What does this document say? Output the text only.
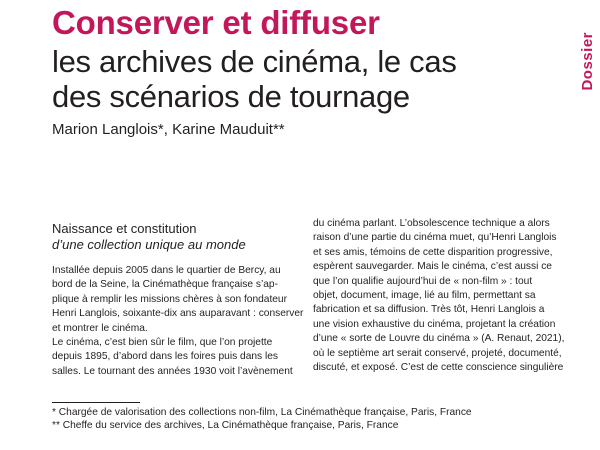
Conserver et diffuser
les archives de cinéma, le cas
des scénarios de tournage
Marion Langlois*, Karine Mauduit**
Dossier
Naissance et constitution
d’une collection unique au monde

Installée depuis 2005 dans le quartier de Bercy, au

bord de la Seine, la Cinémathèque française s’ap-

plique à remplir les missions chères à son fondateur

Henri Langlois, soixante-dix ans auparavant : conserver

et montrer le cinéma.

Le cinéma, c’est bien sûr le film, que l’on projette

depuis 1895, d’abord dans les foires puis dans les

salles. Le tournant des années 1930 voit l’avènement

du cinéma parlant. L’obsolescence technique a alors

raison d’une partie du cinéma muet, qu’Henri Langlois

et ses amis, témoins de cette disparition progressive,

espèrent sauvegarder. Mais le cinéma, c’est aussi ce

que l’on qualifie aujourd’hui de « non-film » : tout

objet, document, image, lié au film, permettant sa

fabrication et sa diffusion. Très tôt, Henri Langlois a

une vision exhaustive du cinéma, projetant la création

d’une « sorte de Louvre du cinéma » (A. Renaut, 2021),

où le septième art serait conservé, projeté, documenté,

discuté, et exposé. C’est de cette conscience singulière

* Chargée de valorisation des collections non-film, La Cinémathèque française, Paris, France

** Cheffe du service des archives, La Cinémathèque française, Paris, France
